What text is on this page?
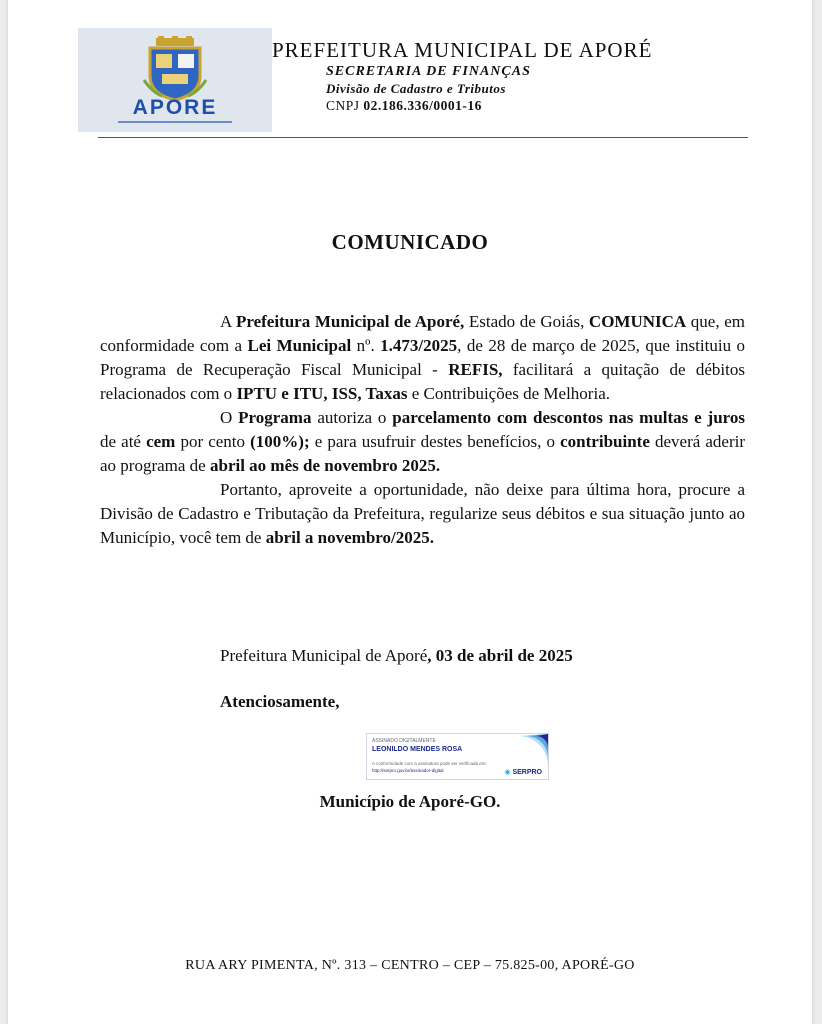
APORE

PREFEITURA MUNICIPAL DE APORÉ

SECRETARIA DE FINANÇAS

Divisão de Cadastro e Tributos

CNPJ 02.186.336/0001-16

COMUNICADO

A Prefeitura Municipal de Aporé, Estado de Goiás, COMUNICA que, em conformidade com a Lei Municipal nº. 1.473/2025, de 28 de março de 2025, que instituiu o Programa de Recuperação Fiscal Municipal - REFIS, facilitará a quitação de débitos relacionados com o IPTU e ITU, ISS, Taxas e Contribuições de Melhoria.

O Programa autoriza o parcelamento com descontos nas multas e juros de até cem por cento (100%); e para usufruir destes benefícios, o contribuinte deverá aderir ao programa de abril ao mês de novembro 2025.

Portanto, aproveite a oportunidade, não deixe para última hora, procure a Divisão de Cadastro e Tributação da Prefeitura, regularize seus débitos e sua situação junto ao Município, você tem de abril a novembro/2025.

Prefeitura Municipal de Aporé, 03 de abril de 2025
Atenciosamente,
ASSINADO DIGITALMENTE
LEONILDO MENDES ROSA
A conformidade com a assinatura pode ser verificada em:
http://serpro.gov.br/assinador-digital	◉ SERPRO
Município de Aporé-GO.
RUA ARY PIMENTA, Nº. 313 – CENTRO – CEP – 75.825-00, APORÉ-GO
